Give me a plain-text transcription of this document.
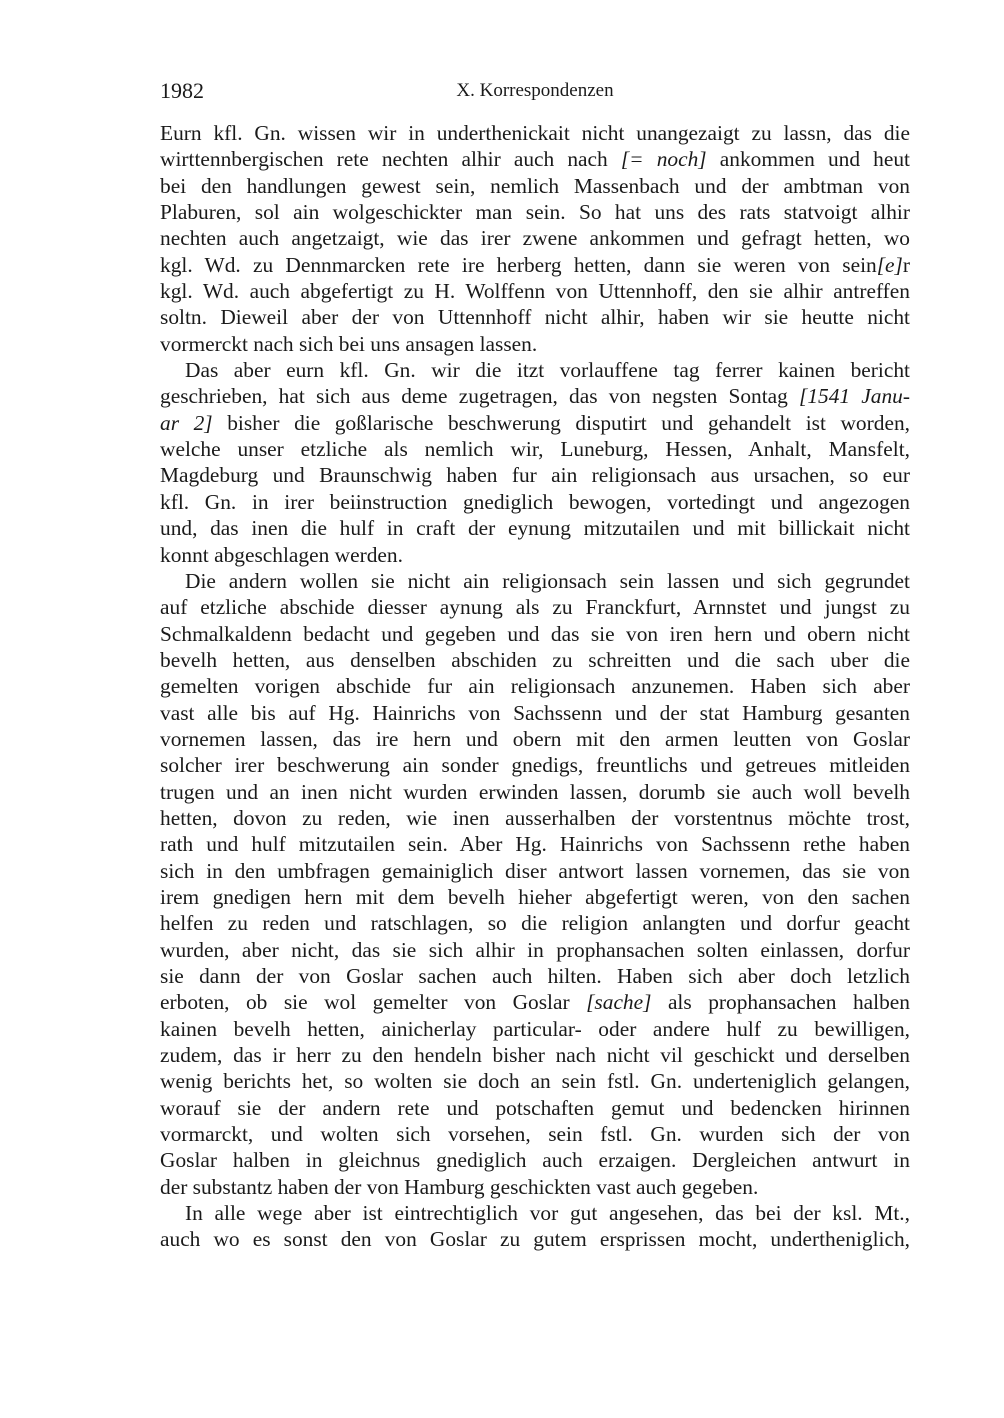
1982	X. Korrespondenzen
Eurn kfl. Gn. wissen wir in underthenickait nicht unangezaigt zu lassn, das die
wirttennbergischen rete nechten alhir auch nach [= noch] ankommen und heut
bei den handlungen gewest sein, nemlich Massenbach und der ambtman von
Plaburen, sol ain wolgeschickter man sein. So hat uns des rats statvoigt alhir
nechten auch angetzaigt, wie das irer zwene ankommen und gefragt hetten, wo
kgl. Wd. zu Dennmarcken rete ire herberg hetten, dann sie weren von sein[e]r
kgl. Wd. auch abgefertigt zu H. Wolffenn von Uttennhoff, den sie alhir antreffen
soltn. Dieweil aber der von Uttennhoff nicht alhir, haben wir sie heutte nicht
vormerckt nach sich bei uns ansagen lassen.
Das aber eurn kfl. Gn. wir die itzt vorlauffene tag ferrer kainen bericht
geschrieben, hat sich aus deme zugetragen, das von negsten Sontag [1541 Janu-
ar 2] bisher die goßlarische beschwerung disputirt und gehandelt ist worden,
welche unser etzliche als nemlich wir, Luneburg, Hessen, Anhalt, Mansfelt,
Magdeburg und Braunschwig haben fur ain religionsach aus ursachen, so eur
kfl. Gn. in irer beiinstruction gnediglich bewogen, vortedingt und angezogen
und, das inen die hulf in craft der eynung mitzutailen und mit billickait nicht
konnt abgeschlagen werden.
Die andern wollen sie nicht ain religionsach sein lassen und sich gegrundet
auf etzliche abschide diesser aynung als zu Franckfurt, Arnnstet und jungst zu
Schmalkaldenn bedacht und gegeben und das sie von iren hern und obern nicht
bevelh hetten, aus denselben abschiden zu schreitten und die sach uber die
gemelten vorigen abschide fur ain religionsach anzunemen. Haben sich aber
vast alle bis auf Hg. Hainrichs von Sachssenn und der stat Hamburg gesanten
vornemen lassen, das ire hern und obern mit den armen leutten von Goslar
solcher irer beschwerung ain sonder gnedigs, freuntlichs und getreues mitleiden
trugen und an inen nicht wurden erwinden lassen, dorumb sie auch woll bevelh
hetten, dovon zu reden, wie inen ausserhalben der vorstentnus möchte trost,
rath und hulf mitzutailen sein. Aber Hg. Hainrichs von Sachssenn rethe haben
sich in den umbfragen gemainiglich diser antwort lassen vornemen, das sie von
irem gnedigen hern mit dem bevelh hieher abgefertigt weren, von den sachen
helfen zu reden und ratschlagen, so die religion anlangten und dorfur geacht
wurden, aber nicht, das sie sich alhir in prophansachen solten einlassen, dorfur
sie dann der von Goslar sachen auch hilten. Haben sich aber doch letzlich
erboten, ob sie wol gemelter von Goslar [sache] als prophansachen halben
kainen bevelh hetten, ainicherlay particular- oder andere hulf zu bewilligen,
zudem, das ir herr zu den hendeln bisher nach nicht vil geschickt und derselben
wenig berichts het, so wolten sie doch an sein fstl. Gn. underteniglich gelangen,
worauf sie der andern rete und potschaften gemut und bedencken hirinnen
vormarckt, und wolten sich vorsehen, sein fstl. Gn. wurden sich der von
Goslar halben in gleichnus gnediglich auch erzaigen. Dergleichen antwurt in
der substantz haben der von Hamburg geschickten vast auch gegeben.
In alle wege aber ist eintrechtiglich vor gut angesehen, das bei der ksl. Mt.,
auch wo es sonst den von Goslar zu gutem ersprissen mocht, undertheniglich,
